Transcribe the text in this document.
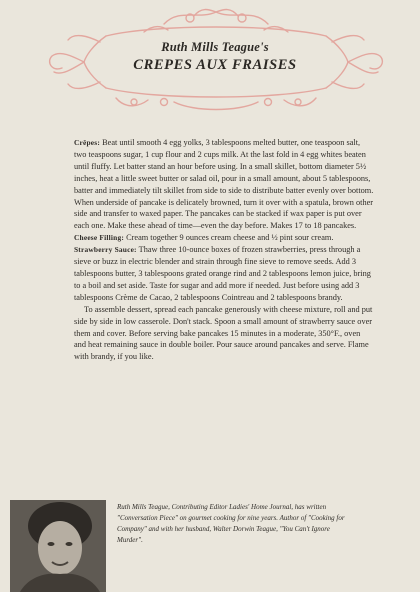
Ruth Mills Teague's
CREPES AUX FRAISES

Crêpes: Beat until smooth 4 egg yolks, 3 tablespoons melted butter, one teaspoon salt, two teaspoons sugar, 1 cup flour and 2 cups milk. At the last fold in 4 egg whites beaten until fluffy. Let batter stand an hour before using. In a small skillet, bottom diameter 5½ inches, heat a little sweet butter or salad oil, pour in a small amount, about 5 tablespoons, batter and immediately tilt skillet from side to side to distribute batter evenly over bottom. When underside of pancake is delicately browned, turn it over with a spatula, brown other side and transfer to waxed paper. The pancakes can be stacked if wax paper is put over each one. Make these ahead of time—even the day before. Makes 17 to 18 pancakes.

Cheese Filling: Cream together 9 ounces cream cheese and ½ pint sour cream.

Strawberry Sauce: Thaw three 10-ounce boxes of frozen strawberries, press through a sieve or buzz in electric blender and strain through fine sieve to remove seeds. Add 3 tablespoons butter, 3 tablespoons grated orange rind and 2 tablespoons lemon juice, bring to a boil and set aside. Taste for sugar and add more if needed. Just before using add 3 tablespoons Crème de Cacao, 2 tablespoons Cointreau and 2 tablespoons brandy.

To assemble dessert, spread each pancake generously with cheese mixture, roll and put side by side in low casserole. Don't stack. Spoon a small amount of strawberry sauce over them and cover. Before serving bake pancakes 15 minutes in a moderate, 350°F., oven and heat remaining sauce in double boiler. Pour sauce around pancakes and serve. Flame with brandy, if you like.

Ruth Mills Teague, Contributing Editor Ladies' Home Journal, has written "Conversation Piece" on gourmet cooking for nine years. Author of "Cooking for Company" and with her husband, Walter Dorwin Teague, "You Can't Ignore Murder".
